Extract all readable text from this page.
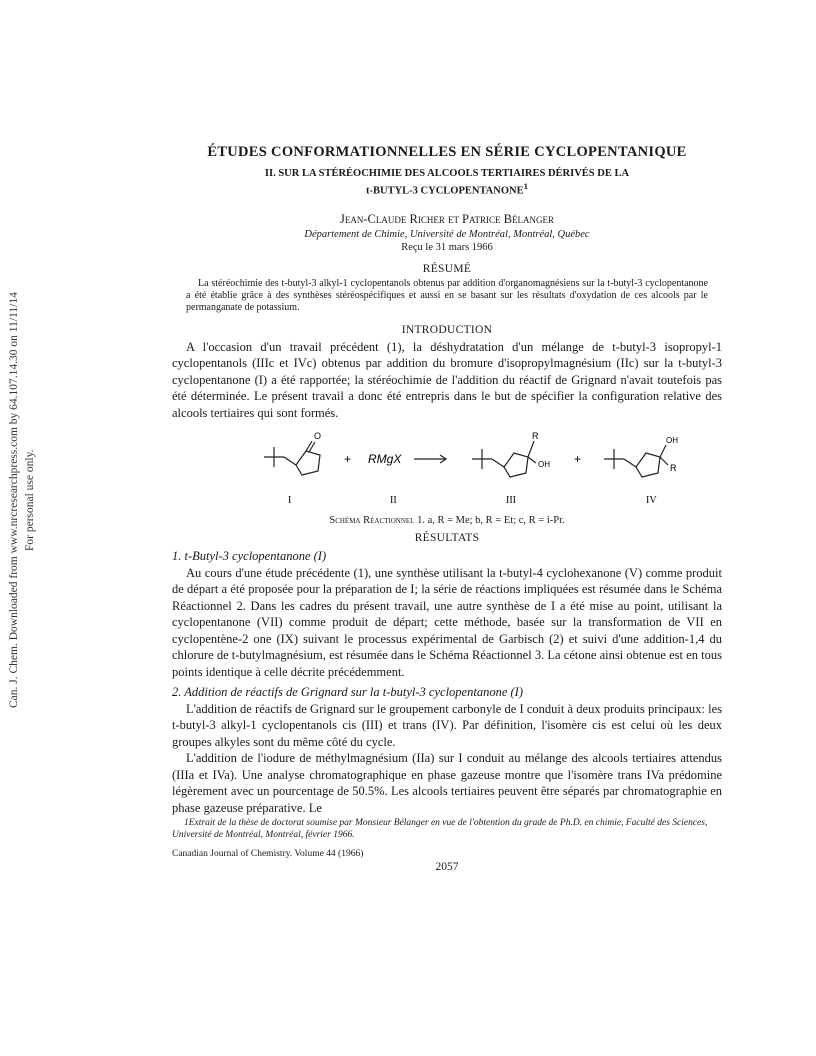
Can. J. Chem. Downloaded from www.nrcresearchpress.com by 64.107.14.30 on 11/11/14 For personal use only.
ÉTUDES CONFORMATIONNELLES EN SÉRIE CYCLOPENTANIQUE
II. SUR LA STÉRÉOCHIMIE DES ALCOOLS TERTIAIRES DÉRIVÉS DE LA
t-BUTYL-3 CYCLOPENTANONE$^1$
Jean-Claude Richer et Patrice Bélanger
Département de Chimie, Université de Montréal, Montréal, Québec
Reçu le 31 mars 1966
RÉSUMÉ
La stéréochimie des t-butyl-3 alkyl-1 cyclopentanols obtenus par addition d'organomagnésiens sur la t-butyl-3 cyclopentanone a été établie grâce à des synthèses stéréospécifiques et aussi en se basant sur les résultats d'oxydation de ces alcools par le permanganate de potassium.
INTRODUCTION

A l'occasion d'un travail précédent (1), la déshydratation d'un mélange de t-butyl-3 isopropyl-1 cyclopentanols (IIIc et IVc) obtenus par addition du bromure d'isopropylmagnésium (IIc) sur la t-butyl-3 cyclopentanone (I) a été rapportée; la stéréochimie de l'addition du réactif de Grignard n'avait toutefois pas été déterminée. Le présent travail a donc été entrepris dans le but de spécifier la configuration relative des alcools tertiaires qui sont formés.

O
+ RMgX
R
OH +
OH
R
I	II	III	IV
Schéma Réactionnel 1. a, R = Me; b, R = Et; c, R = i-Pr.
RÉSULTATS
1. t-Butyl-3 cyclopentanone (I)

Au cours d'une étude précédente (1), une synthèse utilisant la t-butyl-4 cyclohexanone (V) comme produit de départ a été proposée pour la préparation de I; la série de réactions impliquées est résumée dans le Schéma Réactionnel 2. Dans les cadres du présent travail, une autre synthèse de I a été mise au point, utilisant la cyclopentanone (VII) comme produit de départ; cette méthode, basée sur la transformation de VII en cyclopentène-2 one (IX) suivant le processus expérimental de Garbisch (2) et suivi d'une addition-1,4 du chlorure de t-butylmagnésium, est résumée dans le Schéma Réactionnel 3. La cétone ainsi obtenue est en tous points identique à celle décrite précédemment.

2. Addition de réactifs de Grignard sur la t-butyl-3 cyclopentanone (I)

L'addition de réactifs de Grignard sur le groupement carbonyle de I conduit à deux produits principaux: les t-butyl-3 alkyl-1 cyclopentanols cis (III) et trans (IV). Par définition, l'isomère cis est celui où les deux groupes alkyles sont du même côté du cycle.

L'addition de l'iodure de méthylmagnésium (IIa) sur I conduit au mélange des alcools tertiaires attendus (IIIa et IVa). Une analyse chromatographique en phase gazeuse montre que l'isomère trans IVa prédomine légèrement avec un pourcentage de 50.5%. Les alcools tertiaires peuvent être séparés par chromatographie en phase gazeuse préparative. Le

1Extrait de la thèse de doctorat soumise par Monsieur Bélanger en vue de l'obtention du grade de Ph.D. en chimie, Faculté des Sciences, Université de Montréal, Montréal, février 1966.
Canadian Journal of Chemistry. Volume 44 (1966)
2057
